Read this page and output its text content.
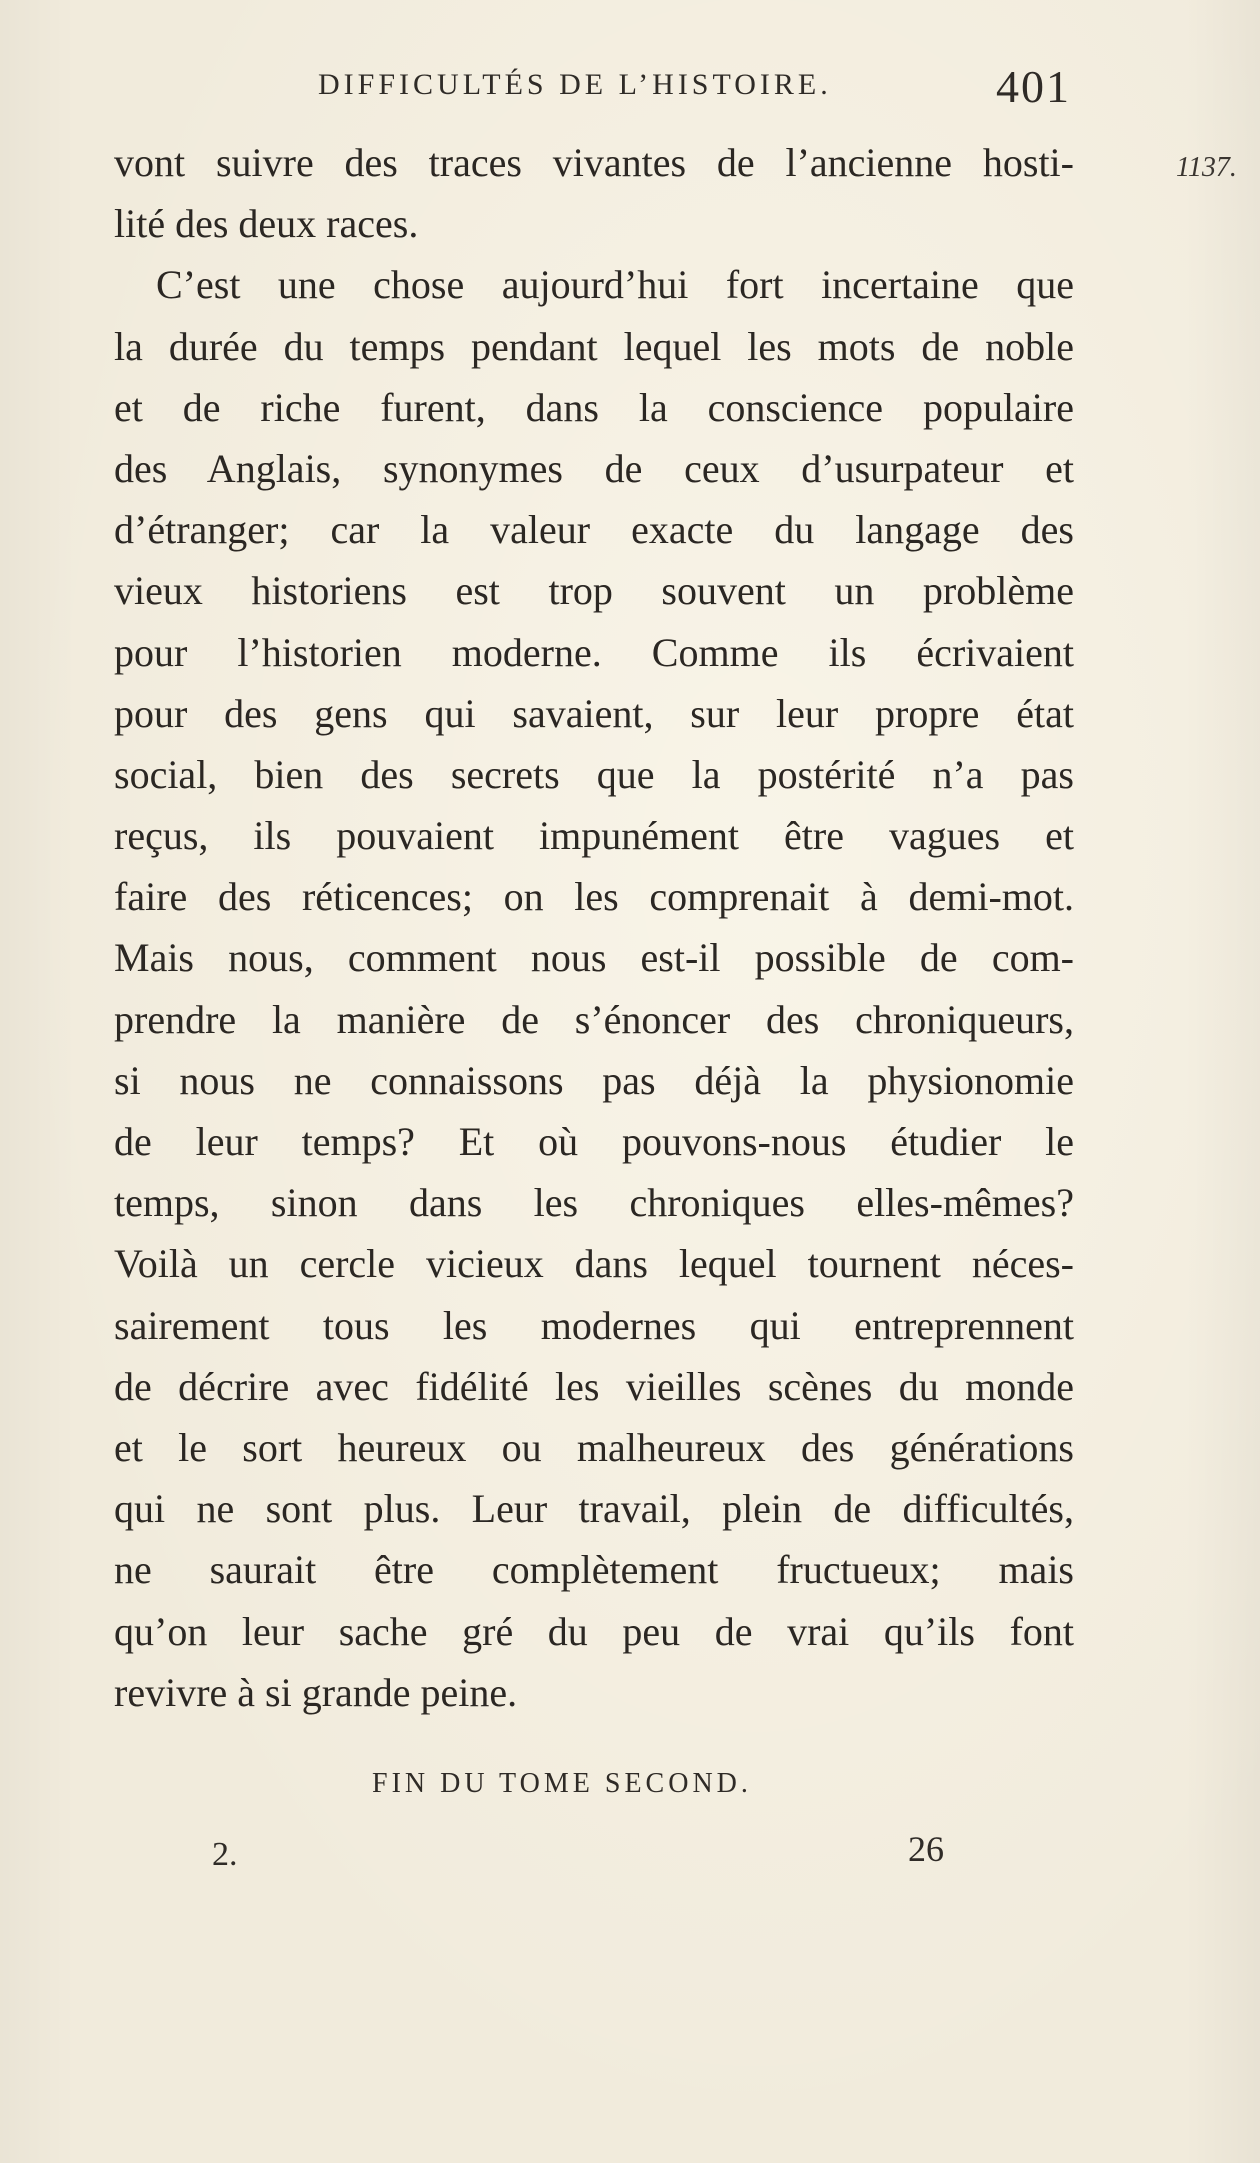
DIFFICULTÉS DE L’HISTOIRE.	401
1137.
vont suivre des traces vivantes de l’ancienne hosti-
lité des deux races.
C’est une chose aujourd’hui fort incertaine que
la durée du temps pendant lequel les mots de noble
et de riche furent, dans la conscience populaire
des Anglais, synonymes de ceux d’usurpateur et
d’étranger; car la valeur exacte du langage des
vieux historiens est trop souvent un problème
pour l’historien moderne. Comme ils écrivaient
pour des gens qui savaient, sur leur propre état
social, bien des secrets que la postérité n’a pas
reçus, ils pouvaient impunément être vagues et
faire des réticences; on les comprenait à demi-mot.
Mais nous, comment nous est-il possible de com-
prendre la manière de s’énoncer des chroniqueurs,
si nous ne connaissons pas déjà la physionomie
de leur temps? Et où pouvons-nous étudier le
temps, sinon dans les chroniques elles-mêmes?
Voilà un cercle vicieux dans lequel tournent néces-
sairement tous les modernes qui entreprennent
de décrire avec fidélité les vieilles scènes du monde
et le sort heureux ou malheureux des générations
qui ne sont plus. Leur travail, plein de difficultés,
ne saurait être complètement fructueux; mais
qu’on leur sache gré du peu de vrai qu’ils font
revivre à si grande peine.
FIN DU TOME SECOND.
2.	26
